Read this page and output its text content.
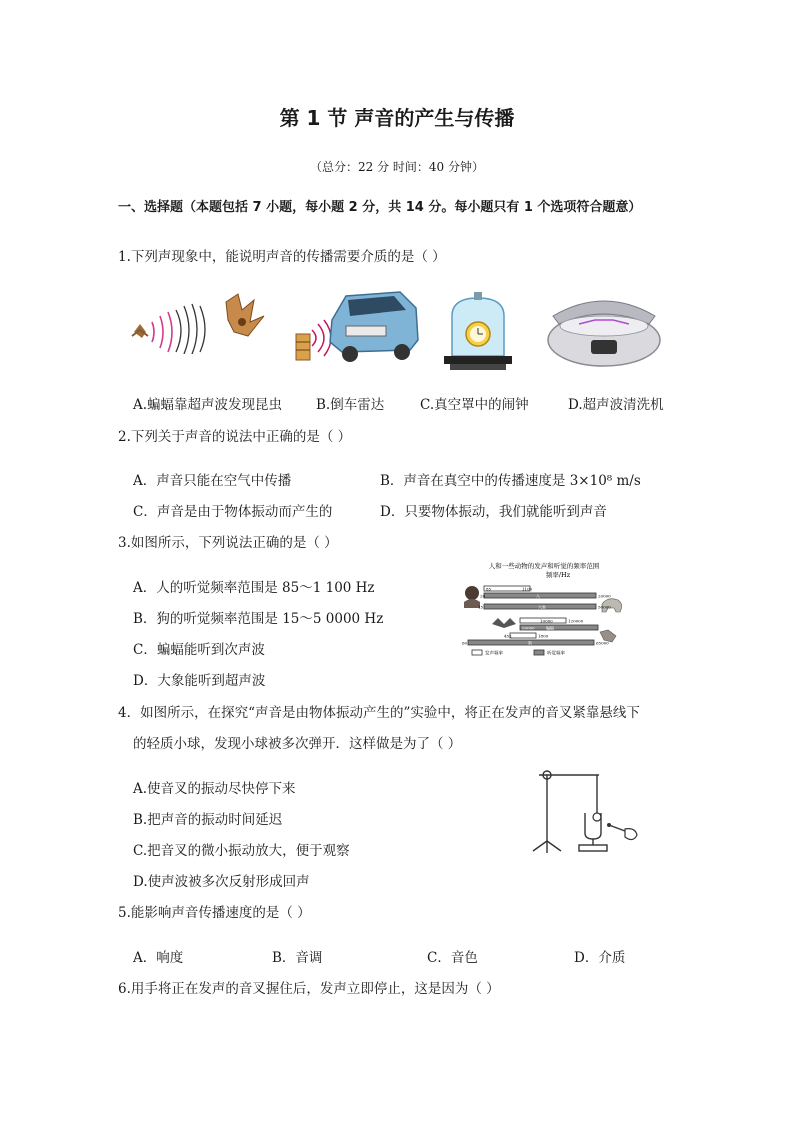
第 1 节 声音的产生与传播
（总分：22 分 时间：40 分钟）
一、选择题（本题包括 7 小题，每小题 2 分，共 14 分。每小题只有 1 个选项符合题意）
1.下列声现象中，能说明声音的传播需要介质的是（ ）
A.蝙蝠靠超声波发现昆虫	B.倒车雷达	C.真空罩中的闹钟	D.超声波清洗机
2.下列关于声音的说法中正确的是（ ）
A．声音只能在空气中传播	B．声音在真空中的传播速度是 3×10⁸ m/s
C．声音是由于物体振动而产生的	D．只要物体振动，我们就能听到声音
3.如图所示，下列说法正确的是（ ）
A．人的听觉频率范围是 85～1 100 Hz
B．狗的听觉频率范围是 15～5 0000 Hz
C．蝙蝠能听到次声波
D．大象能听到超声波
人和一些动物的发声和听觉的频率范围
频率/Hz
85	1100
20	20000
人
15	大象
10000	120000
20000	蝙蝠
452	1800
60	65000
狗
50000
发声频率	听觉频率
4．如图所示，在探究“声音是由物体振动产生的”实验中，将正在发声的音叉紧靠悬线下
的轻质小球，发现小球被多次弹开．这样做是为了（ ）
A.使音叉的振动尽快停下来
B.把声音的振动时间延迟
C.把音叉的微小振动放大，便于观察
D.使声波被多次反射形成回声
5.能影响声音传播速度的是（ ）
A．响度	B．音调	C．音色	D．介质
6.用手将正在发声的音叉握住后，发声立即停止，这是因为（ ）
